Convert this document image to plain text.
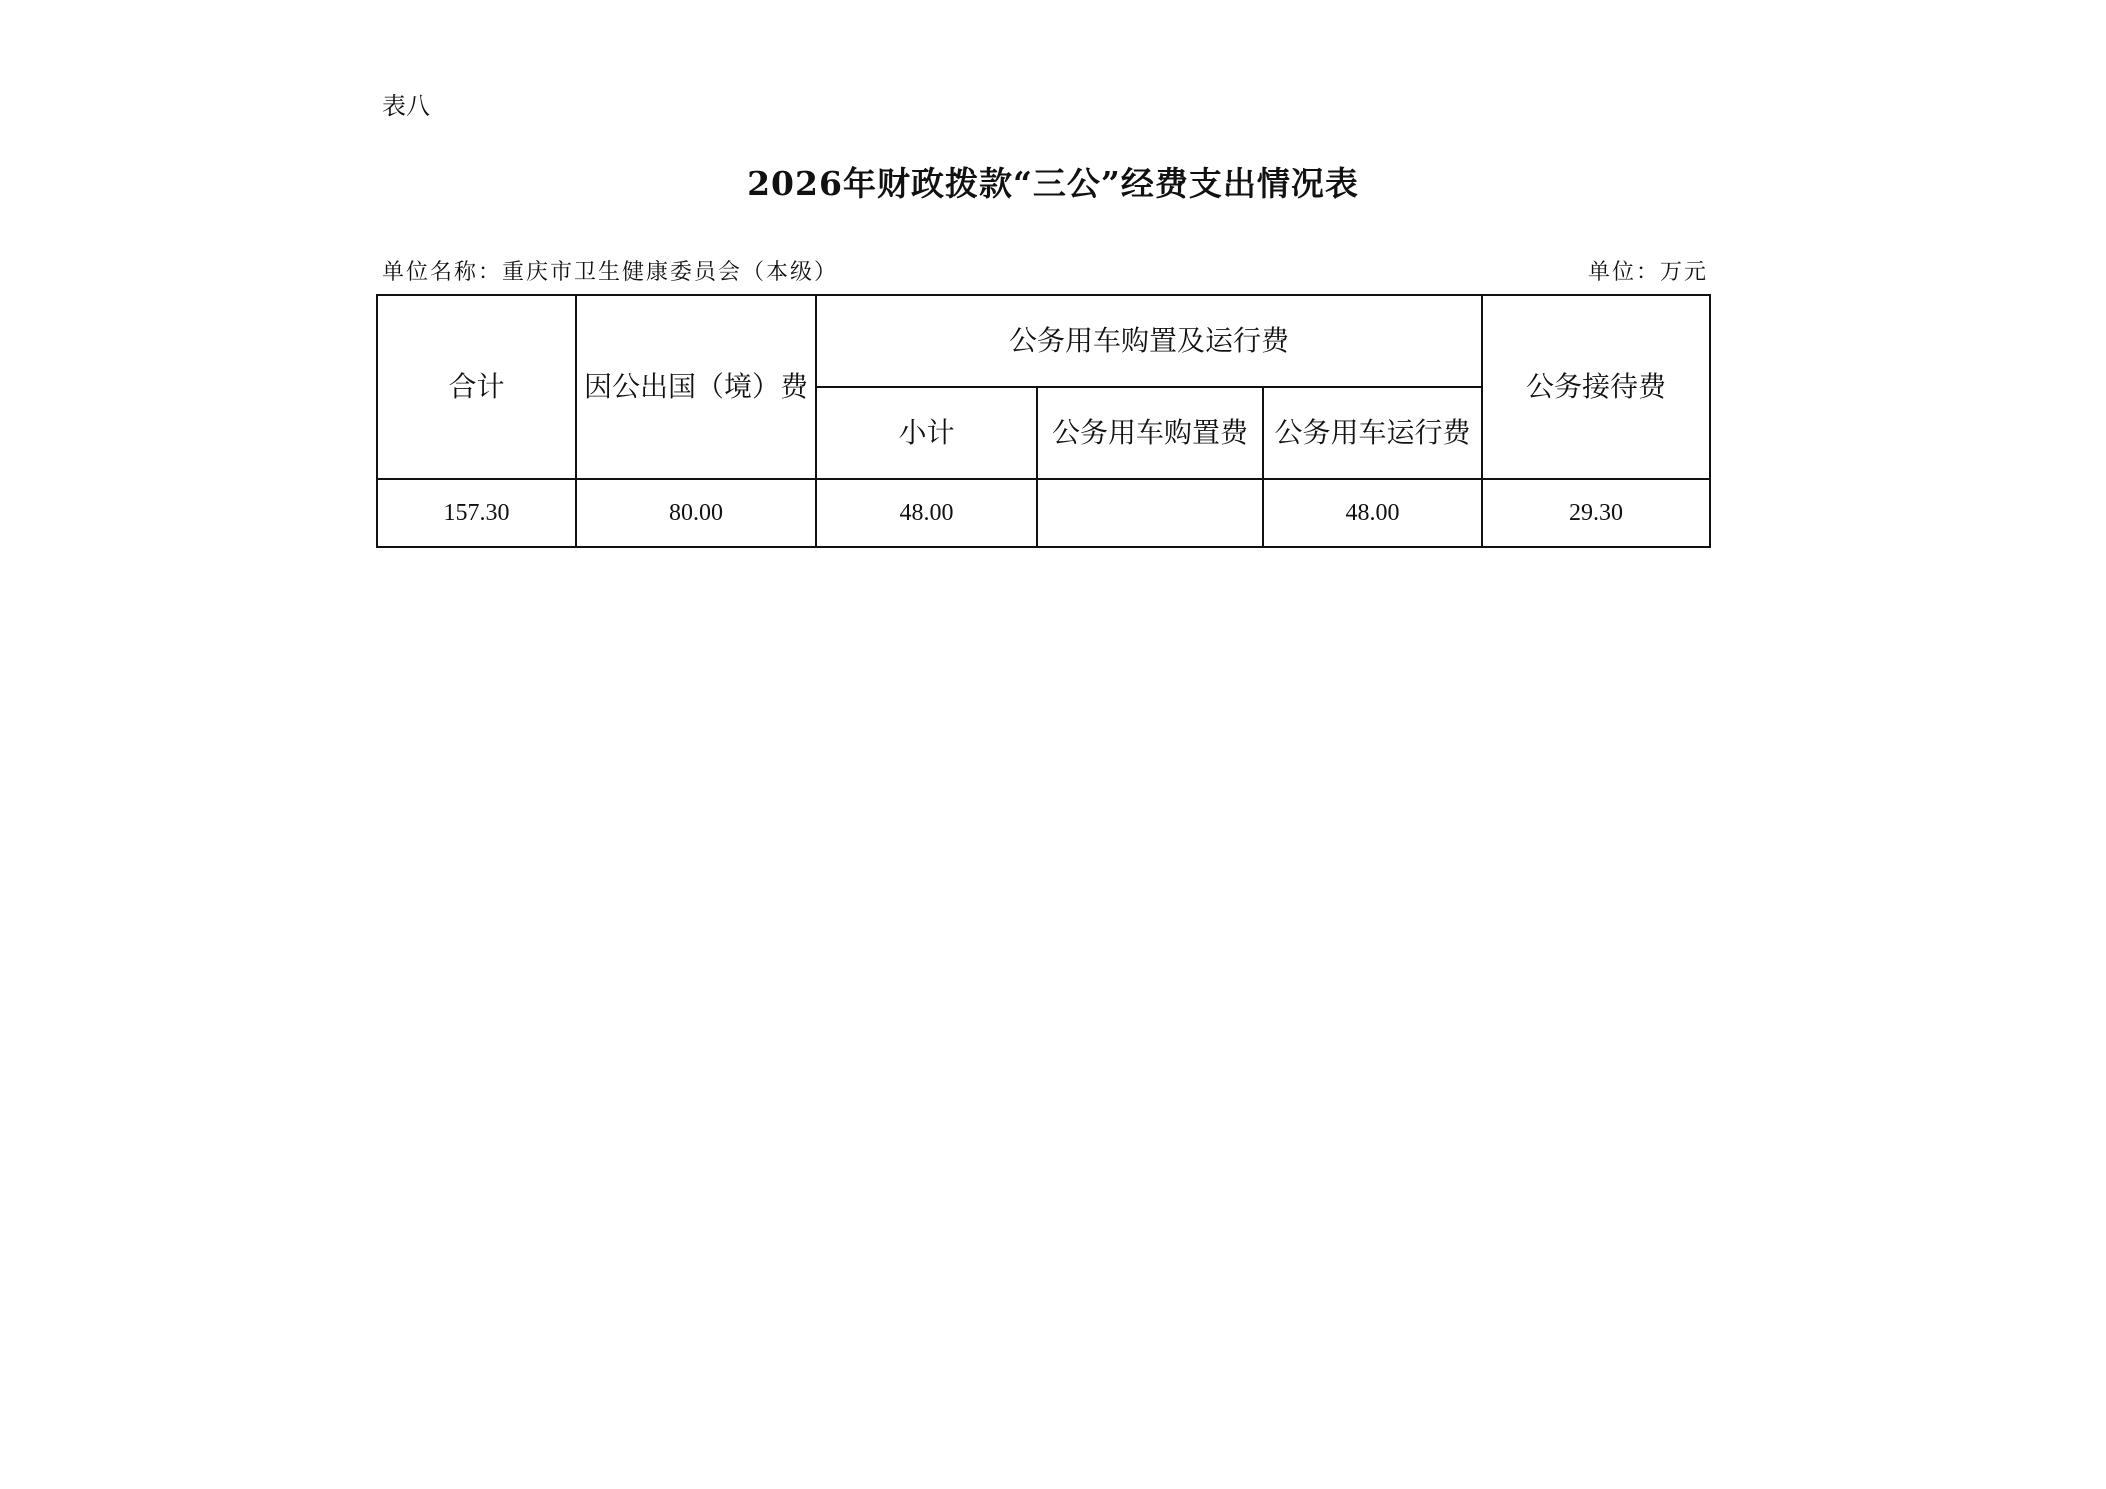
表八
2026年财政拨款“三公”经费支出情况表
单位名称：重庆市卫生健康委员会（本级）	单位：万元
合计	因公出国（境）费	公务用车购置及运行费			公务接待费
		小计	公务用车购置费	公务用车运行费	
157.30	80.00	48.00		48.00	29.30
